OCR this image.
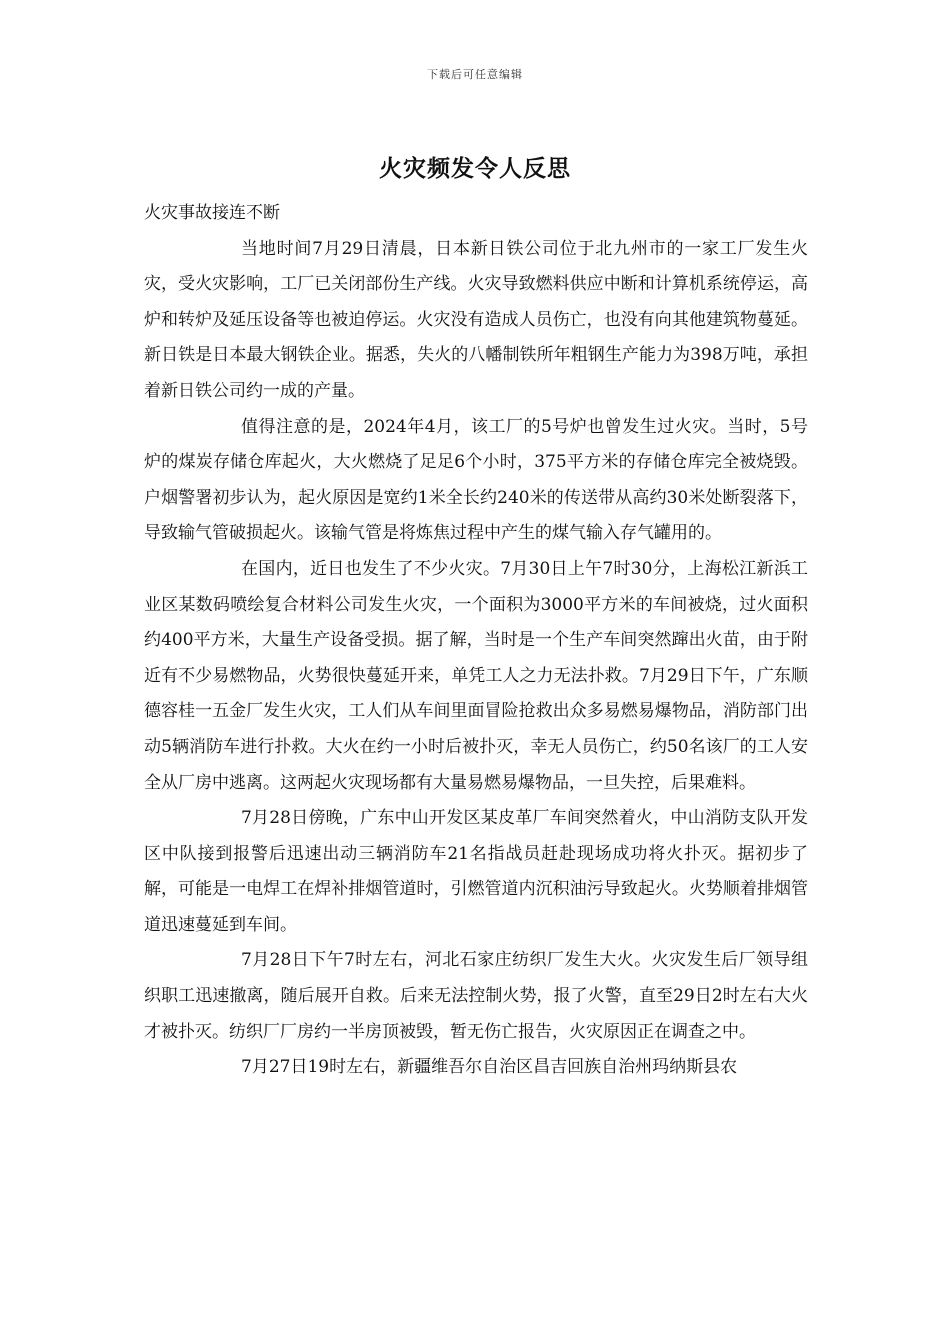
下载后可任意编辑
火灾频发令人反思

火灾事故接连不断

当地时间7月29日清晨，日本新日铁公司位于北九州市的一家工厂发生火灾，受火灾影响，工厂已关闭部份生产线。火灾导致燃料供应中断和计算机系统停运，高炉和转炉及延压设备等也被迫停运。火灾没有造成人员伤亡，也没有向其他建筑物蔓延。新日铁是日本最大钢铁企业。据悉，失火的八幡制铁所年粗钢生产能力为398万吨，承担着新日铁公司约一成的产量。

值得注意的是，2024年4月，该工厂的5号炉也曾发生过火灾。当时，5号炉的煤炭存储仓库起火，大火燃烧了足足6个小时，375平方米的存储仓库完全被烧毁。户烟警署初步认为，起火原因是宽约1米全长约240米的传送带从高约30米处断裂落下，导致输气管破损起火。该输气管是将炼焦过程中产生的煤气输入存气罐用的。

在国内，近日也发生了不少火灾。7月30日上午7时30分，上海松江新浜工业区某数码喷绘复合材料公司发生火灾，一个面积为3000平方米的车间被烧，过火面积约400平方米，大量生产设备受损。据了解，当时是一个生产车间突然蹿出火苗，由于附近有不少易燃物品，火势很快蔓延开来，单凭工人之力无法扑救。7月29日下午，广东顺德容桂一五金厂发生火灾，工人们从车间里面冒险抢救出众多易燃易爆物品，消防部门出动5辆消防车进行扑救。大火在约一小时后被扑灭，幸无人员伤亡，约50名该厂的工人安全从厂房中逃离。这两起火灾现场都有大量易燃易爆物品，一旦失控，后果难料。

7月28日傍晚，广东中山开发区某皮革厂车间突然着火，中山消防支队开发区中队接到报警后迅速出动三辆消防车21名指战员赶赴现场成功将火扑灭。据初步了解，可能是一电焊工在焊补排烟管道时，引燃管道内沉积油污导致起火。火势顺着排烟管道迅速蔓延到车间。

7月28日下午7时左右，河北石家庄纺织厂发生大火。火灾发生后厂领导组织职工迅速撤离，随后展开自救。后来无法控制火势，报了火警，直至29日2时左右大火才被扑灭。纺织厂厂房约一半房顶被毁，暂无伤亡报告，火灾原因正在调查之中。

7月27日19时左右，新疆维吾尔自治区昌吉回族自治州玛纳斯县农
